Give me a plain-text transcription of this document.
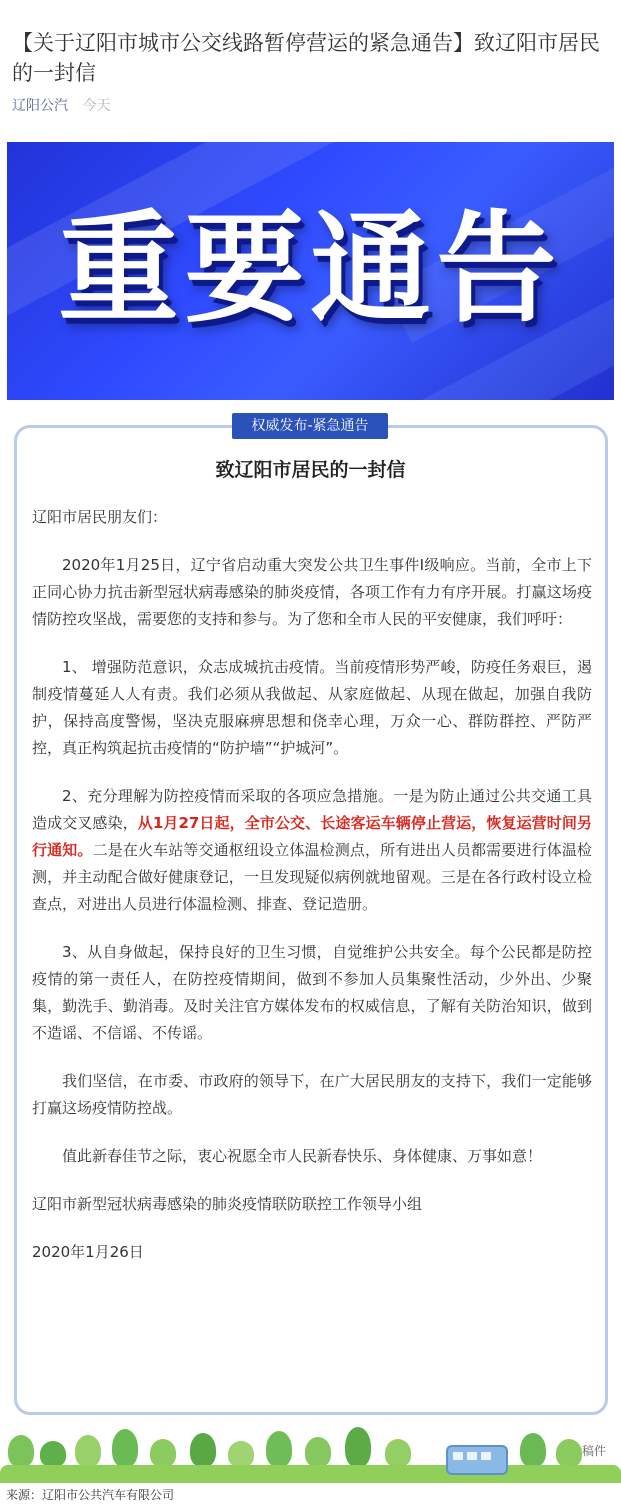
【关于辽阳市城市公交线路暂停营运的紧急通告】致辽阳市居民的一封信
辽阳公汽 今天
重要通告
权威发布-紧急通告
致辽阳市居民的一封信

辽阳市居民朋友们：

2020年1月25日，辽宁省启动重大突发公共卫生事件Ⅰ级响应。当前，全市上下正同心协力抗击新型冠状病毒感染的肺炎疫情，各项工作有力有序开展。打赢这场疫情防控攻坚战，需要您的支持和参与。为了您和全市人民的平安健康，我们呼吁：

1、 增强防范意识，众志成城抗击疫情。当前疫情形势严峻，防疫任务艰巨，遏制疫情蔓延人人有责。我们必须从我做起、从家庭做起、从现在做起，加强自我防护，保持高度警惕，坚决克服麻痹思想和侥幸心理，万众一心、群防群控、严防严控，真正构筑起抗击疫情的“防护墙”“护城河”。

2、充分理解为防控疫情而采取的各项应急措施。一是为防止通过公共交通工具造成交叉感染，从1月27日起，全市公交、长途客运车辆停止营运，恢复运营时间另行通知。二是在火车站等交通枢纽设立体温检测点，所有进出人员都需要进行体温检测，并主动配合做好健康登记，一旦发现疑似病例就地留观。三是在各行政村设立检查点，对进出人员进行体温检测、排查、登记造册。

3、从自身做起，保持良好的卫生习惯，自觉维护公共安全。每个公民都是防控疫情的第一责任人，在防控疫情期间，做到不参加人员集聚性活动，少外出、少聚集，勤洗手、勤消毒。及时关注官方媒体发布的权威信息，了解有关防治知识，做到不造谣、不信谣、不传谣。

我们坚信，在市委、市政府的领导下，在广大居民朋友的支持下，我们一定能够打赢这场疫情防控战。

值此新春佳节之际，衷心祝愿全市人民新春快乐、身体健康、万事如意！

辽阳市新型冠状病毒感染的肺炎疫情联防联控工作领导小组

2020年1月26日

稿件
来源：辽阳市公共汽车有限公司
